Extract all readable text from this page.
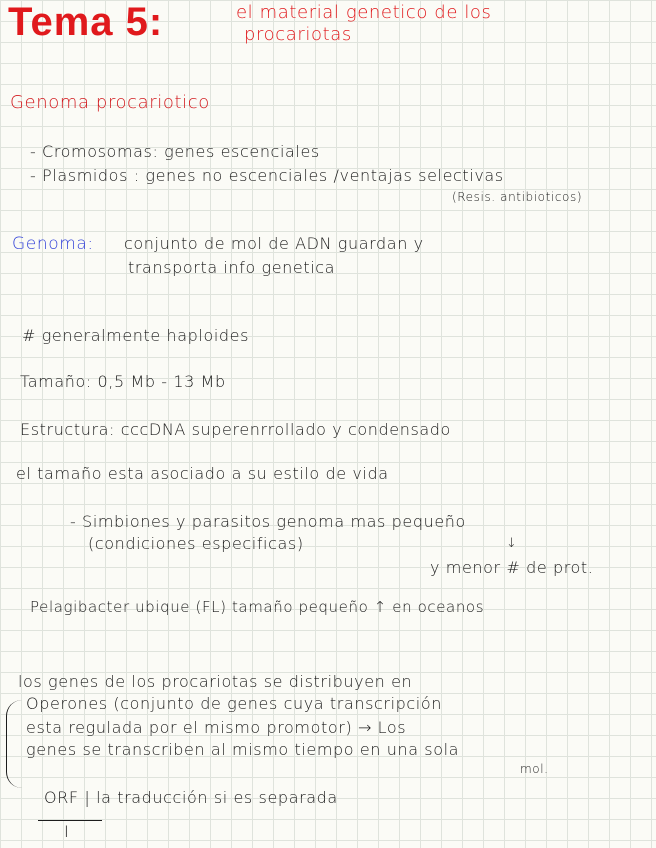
Tema 5:	el material genetico de los
procariotas
Genoma procariotico
- Cromosomas: genes escenciales
- Plasmidos : genes no escenciales /ventajas selectivas
(Resis. antibioticos)
Genoma: conjunto de mol de ADN guardan y
transporta info genetica
# generalmente haploides
Tamaño: 0,5 Mb - 13 Mb
Estructura: cccDNA superenrrollado y condensado
el tamaño esta asociado a su estilo de vida
- Simbiones y parasitos genoma mas pequeño
(condiciones especificas)	↓
y menor # de prot.
Pelagibacter ubique (FL) tamaño pequeño ↑ en oceanos
los genes de los procariotas se distribuyen en
Operones (conjunto de genes cuya transcripción
esta regulada por el mismo promotor) → Los
genes se transcriben al mismo tiempo en una sola
mol.
ORF | la traducción si es separada
I
